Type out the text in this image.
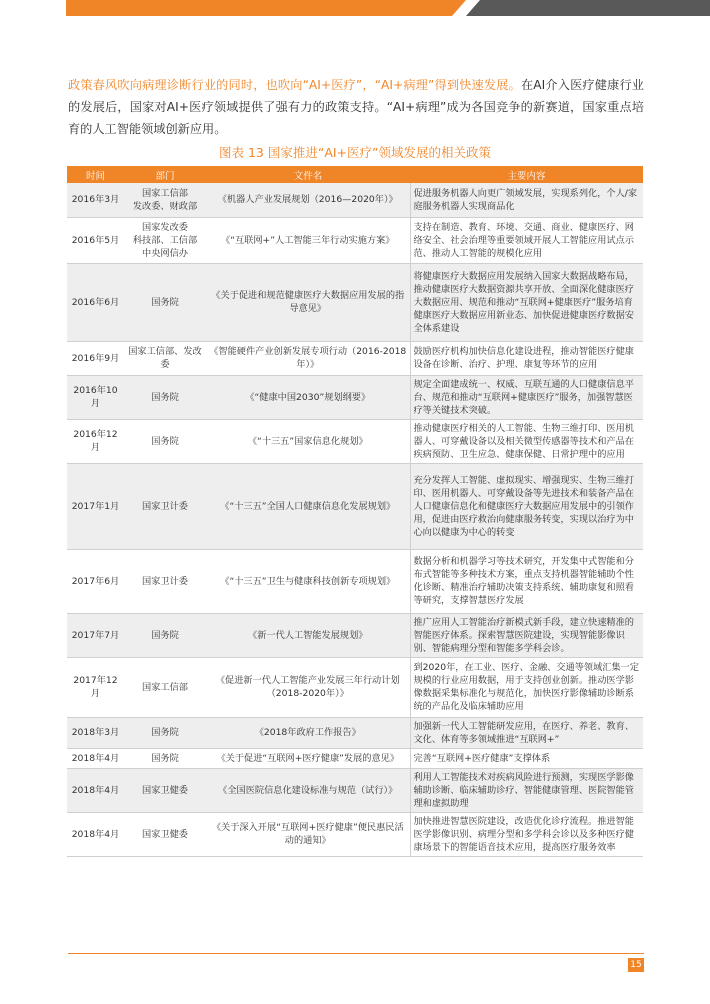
政策春风吹向病理诊断行业的同时，也吹向“AI+医疗”，“AI+病理”得到快速发展。在AI介入医疗健康行业的发展后，国家对AI+医疗领域提供了强有力的政策支持。“AI+病理”成为各国竞争的新赛道，国家重点培育的人工智能领域创新应用。
图表 13 国家推进“AI+医疗”领域发展的相关政策
时间	部门	文件名	主要内容
2016年3月	国家工信部
发改委、财政部	《机器人产业发展规划（2016—2020年）》	促进服务机器人向更广领域发展，实现系列化，个人/家庭服务机器人实现商品化
2016年5月	国家发改委
科技部、工信部
中央网信办	《“互联网+”人工智能三年行动实施方案》	支持在制造、教育、环境、交通、商业、健康医疗、网络安全、社会治理等重要领域开展人工智能应用试点示范、推动人工智能的规模化应用
2016年6月	国务院	《关于促进和规范健康医疗大数据应用发展的指导意见》	将健康医疗大数据应用发展纳入国家大数据战略布局，推动健康医疗大数据资源共享开放、全面深化健康医疗大数据应用、规范和推动“互联网+健康医疗”服务培育健康医疗大数据应用新业态、加快促进健康医疗数据安全体系建设
2016年9月	国家工信部、发改委	《智能硬件产业创新发展专项行动（2016-2018年）》	鼓励医疗机构加快信息化建设进程，推动智能医疗健康设备在诊断、治疗、护理、康复等环节的应用
2016年10月	国务院	《“健康中国2030”规划纲要》	规定全面建成统一、权威、互联互通的人口健康信息平台、规范和推动“互联网+健康医疗”服务，加强智慧医疗等关键技术突破。
2016年12月	国务院	《“十三五”国家信息化规划》	推动健康医疗相关的人工智能、生物三维打印、医用机器人、可穿戴设备以及相关微型传感器等技术和产品在疾病预防、卫生应急、健康保健、日常护理中的应用
2017年1月	国家卫计委	《“十三五”全国人口健康信息化发展规划》	充分发挥人工智能、虚拟现实、增强现实、生物三维打印、医用机器人、可穿戴设备等先进技术和装备产品在人口健康信息化和健康医疗大数据应用发展中的引领作用，促进由医疗救治向健康服务转变，实现以治疗为中心向以健康为中心的转变
2017年6月	国家卫计委	《“十三五”卫生与健康科技创新专项规划》	数据分析和机器学习等技术研究，开发集中式智能和分布式智能等多种技术方案，重点支持机器智能辅助个性化诊断、精准治疗辅助决策支持系统、辅助康复和照看等研究，支撑智慧医疗发展
2017年7月	国务院	《新一代人工智能发展规划》	推广应用人工智能治疗新模式新手段，建立快速精准的智能医疗体系。探索智慧医院建设，实现智能影像识别、智能病理分型和智能多学科会诊。
2017年12月	国家工信部	《促进新一代人工智能产业发展三年行动计划（2018-2020年）》	到2020年，在工业、医疗、金融、交通等领域汇集一定规模的行业应用数据，用于支持创业创新。推动医学影像数据采集标准化与规范化，加快医疗影像辅助诊断系统的产品化及临床辅助应用
2018年3月	国务院	《2018年政府工作报告》	加强新一代人工智能研发应用，在医疗、养老、教育、文化、体育等多领域推进“互联网+”
2018年4月	国务院	《关于促进“互联网+医疗健康”发展的意见》	完善“互联网+医疗健康”支撑体系
2018年4月	国家卫健委	《全国医院信息化建设标准与规范（试行）》	利用人工智能技术对疾病风险进行预测，实现医学影像辅助诊断、临床辅助诊疗、智能健康管理、医院智能管理和虚拟助理
2018年4月	国家卫健委	《关于深入开展“互联网+医疗健康”便民惠民活动的通知》	加快推进智慧医院建设，改造优化诊疗流程。推进智能医学影像识别、病理分型和多学科会诊以及多种医疗健康场景下的智能语音技术应用，提高医疗服务效率
15
